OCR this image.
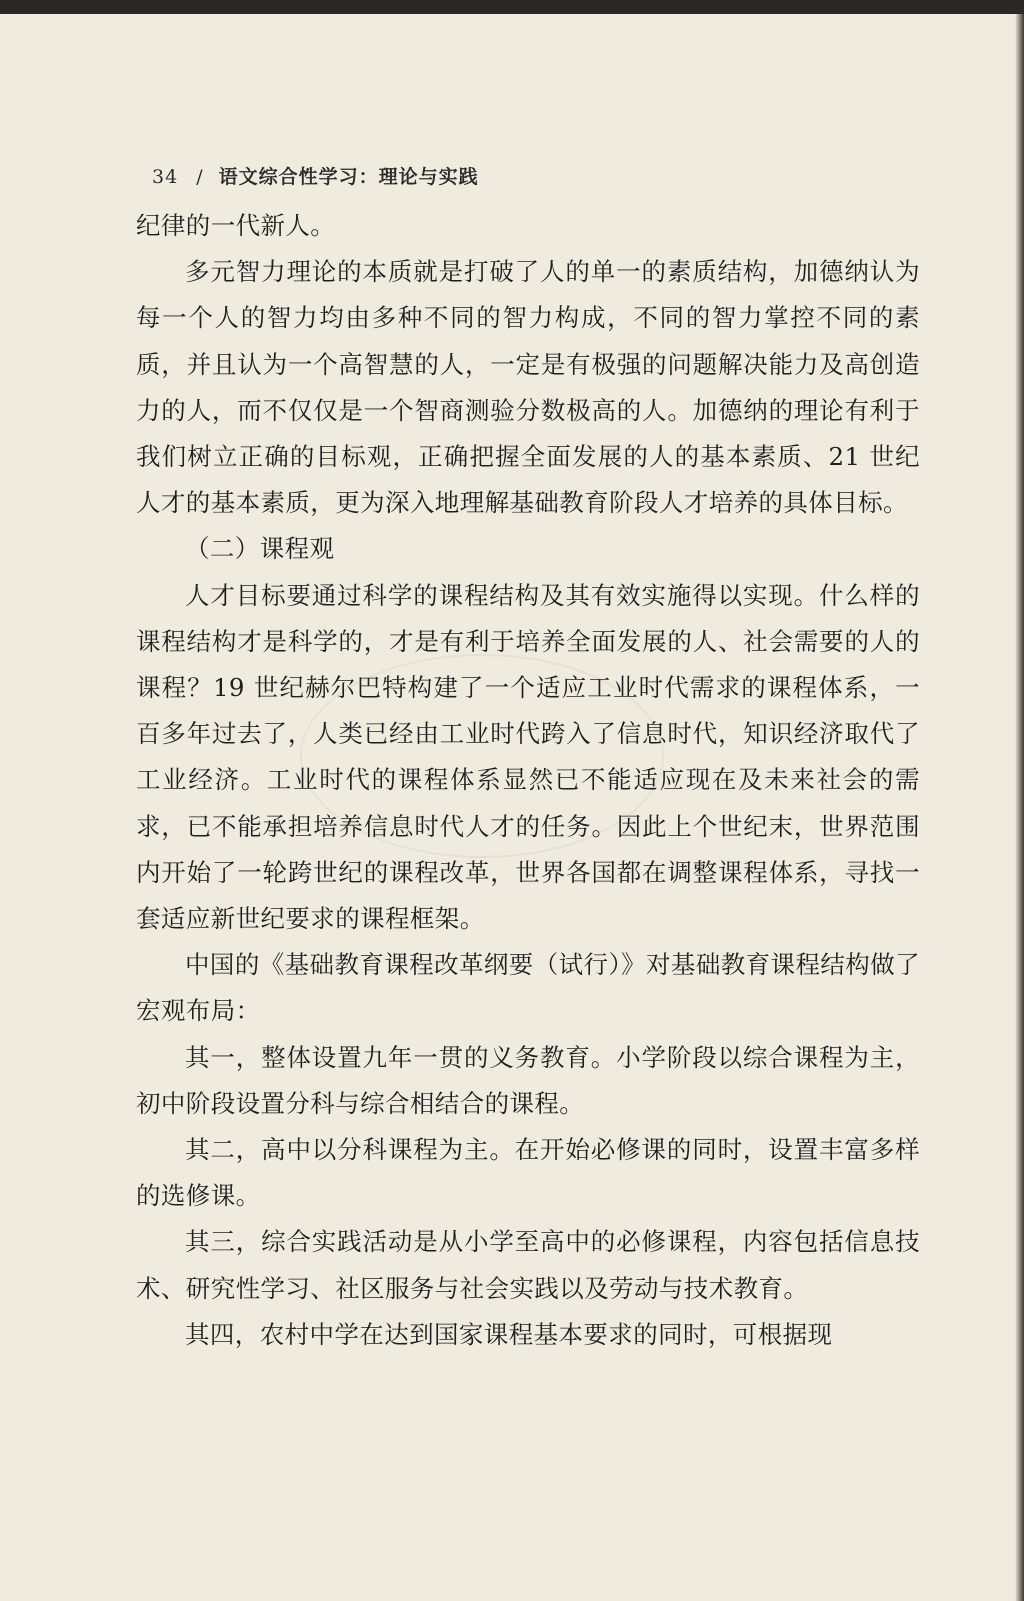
34 / 语文综合性学习：理论与实践

纪律的一代新人。

多元智力理论的本质就是打破了人的单一的素质结构，加德纳认为每一个人的智力均由多种不同的智力构成，不同的智力掌控不同的素质，并且认为一个高智慧的人，一定是有极强的问题解决能力及高创造力的人，而不仅仅是一个智商测验分数极高的人。加德纳的理论有利于我们树立正确的目标观，正确把握全面发展的人的基本素质、21 世纪人才的基本素质，更为深入地理解基础教育阶段人才培养的具体目标。

（二）课程观

人才目标要通过科学的课程结构及其有效实施得以实现。什么样的课程结构才是科学的，才是有利于培养全面发展的人、社会需要的人的课程？19 世纪赫尔巴特构建了一个适应工业时代需求的课程体系，一百多年过去了，人类已经由工业时代跨入了信息时代，知识经济取代了工业经济。工业时代的课程体系显然已不能适应现在及未来社会的需求，已不能承担培养信息时代人才的任务。因此上个世纪末，世界范围内开始了一轮跨世纪的课程改革，世界各国都在调整课程体系，寻找一套适应新世纪要求的课程框架。

中国的《基础教育课程改革纲要（试行）》对基础教育课程结构做了宏观布局：

其一，整体设置九年一贯的义务教育。小学阶段以综合课程为主，初中阶段设置分科与综合相结合的课程。

其二，高中以分科课程为主。在开始必修课的同时，设置丰富多样的选修课。

其三，综合实践活动是从小学至高中的必修课程，内容包括信息技术、研究性学习、社区服务与社会实践以及劳动与技术教育。

其四，农村中学在达到国家课程基本要求的同时，可根据现
